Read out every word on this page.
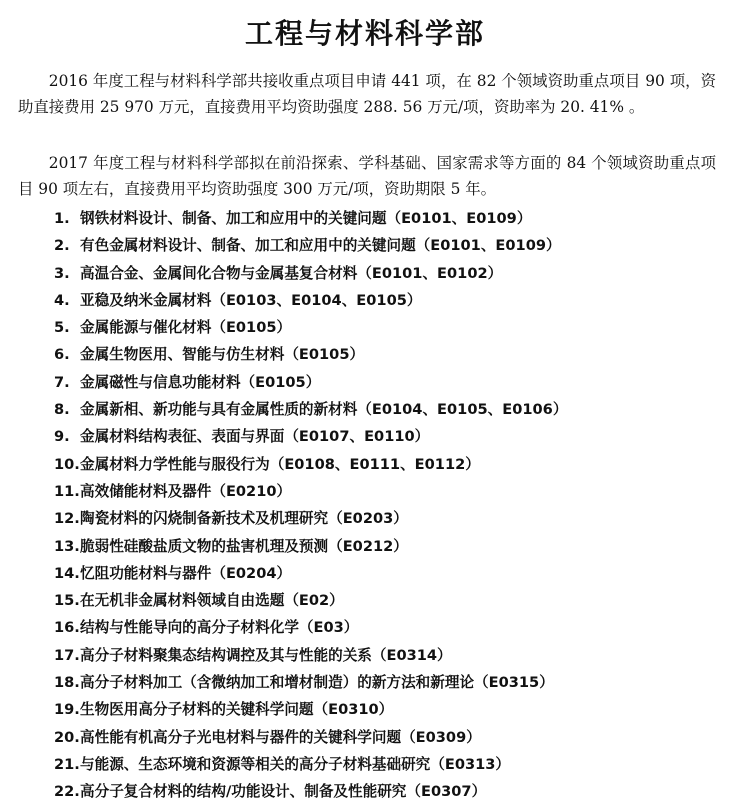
工程与材料科学部

2016 年度工程与材料科学部共接收重点项目申请 441 项，在 82 个领域资助重点项目 90 项，资助直接费用 25 970 万元，直接费用平均资助强度 288. 56 万元/项，资助率为 20. 41% 。

2017 年度工程与材料科学部拟在前沿探索、学科基础、国家需求等方面的 84 个领域资助重点项目 90 项左右，直接费用平均资助强度 300 万元/项，资助期限 5 年。

1. 钢铁材料设计、制备、加工和应用中的关键问题（E0101、E0109）
2. 有色金属材料设计、制备、加工和应用中的关键问题（E0101、E0109）
3. 高温合金、金属间化合物与金属基复合材料（E0101、E0102）
4. 亚稳及纳米金属材料（E0103、E0104、E0105）
5. 金属能源与催化材料（E0105）
6. 金属生物医用、智能与仿生材料（E0105）
7. 金属磁性与信息功能材料（E0105）
8. 金属新相、新功能与具有金属性质的新材料（E0104、E0105、E0106）
9. 金属材料结构表征、表面与界面（E0107、E0110）
10.金属材料力学性能与服役行为（E0108、E0111、E0112）
11.高效储能材料及器件（E0210）
12.陶瓷材料的闪烧制备新技术及机理研究（E0203）
13.脆弱性硅酸盐质文物的盐害机理及预测（E0212）
14.忆阻功能材料与器件（E0204）
15.在无机非金属材料领域自由选题（E02）
16.结构与性能导向的高分子材料化学（E03）
17.高分子材料聚集态结构调控及其与性能的关系（E0314）
18.高分子材料加工（含微纳加工和增材制造）的新方法和新理论（E0315）
19.生物医用高分子材料的关键科学问题（E0310）
20.高性能有机高分子光电材料与器件的关键科学问题（E0309）
21.与能源、生态环境和资源等相关的高分子材料基础研究（E0313）
22.高分子复合材料的结构/功能设计、制备及性能研究（E0307）
